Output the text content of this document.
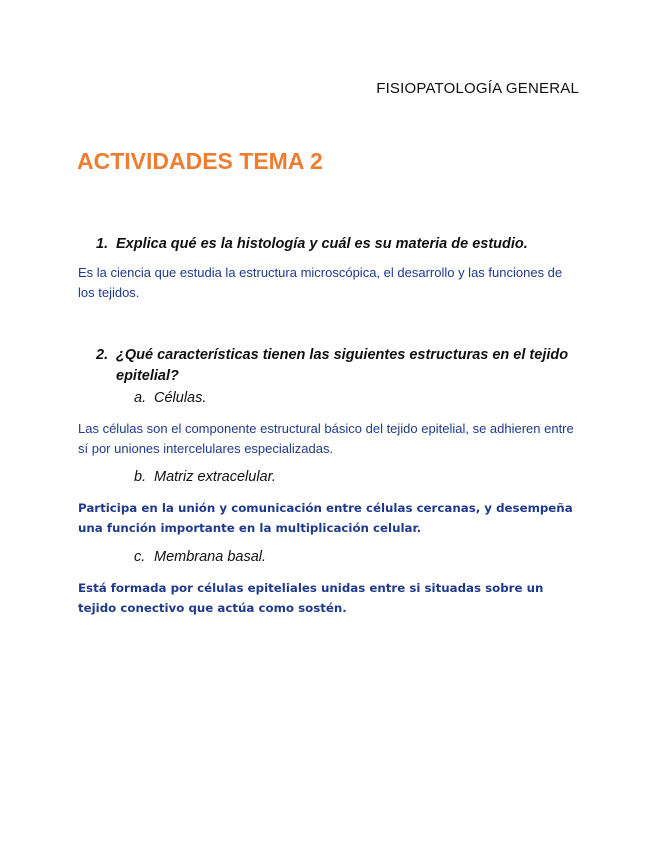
FISIOPATOLOGÍA GENERAL
ACTIVIDADES TEMA 2
1. Explica qué es la histología y cuál es su materia de estudio.

Es la ciencia que estudia la estructura microscópica, el desarrollo y las funciones de los tejidos.

2. ¿Qué características tienen las siguientes estructuras en el tejido
epitelial?
a. Células.

Las células son el componente estructural básico del tejido epitelial, se adhieren entre sí por uniones intercelulares especializadas.

b. Matriz extracelular.

Participa en la unión y comunicación entre células cercanas, y desempeña una función importante en la multiplicación celular.

c. Membrana basal.

Está formada por células epiteliales unidas entre si situadas sobre un tejido conectivo que actúa como sostén.
